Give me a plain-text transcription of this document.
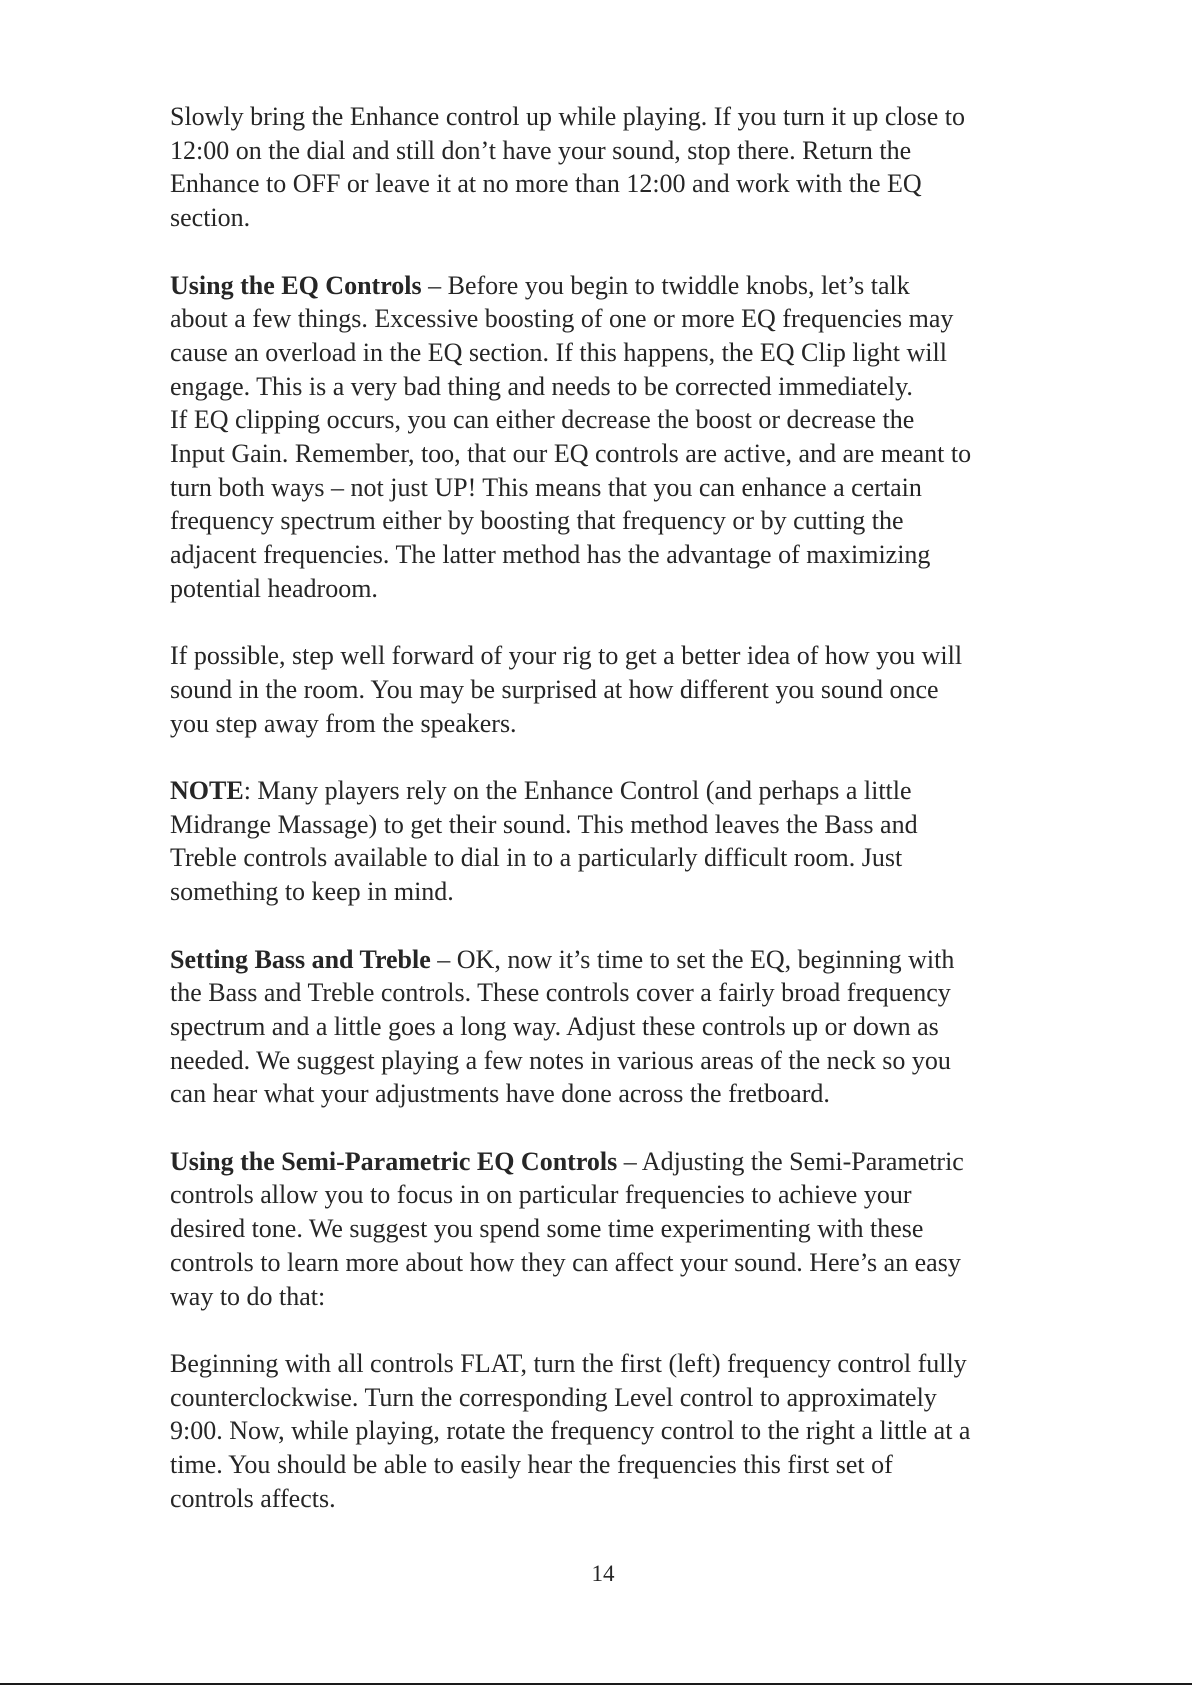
Slowly bring the Enhance control up while playing. If you turn it up close to
12:00 on the dial and still don’t have your sound, stop there. Return the
Enhance to OFF or leave it at no more than 12:00 and work with the EQ
section.

Using the EQ Controls – Before you begin to twiddle knobs, let’s talk
about a few things. Excessive boosting of one or more EQ frequencies may
cause an overload in the EQ section. If this happens, the EQ Clip light will
engage. This is a very bad thing and needs to be corrected immediately.
If EQ clipping occurs, you can either decrease the boost or decrease the
Input Gain. Remember, too, that our EQ controls are active, and are meant to
turn both ways – not just UP! This means that you can enhance a certain
frequency spectrum either by boosting that frequency or by cutting the
adjacent frequencies. The latter method has the advantage of maximizing
potential headroom.

If possible, step well forward of your rig to get a better idea of how you will
sound in the room. You may be surprised at how different you sound once
you step away from the speakers.

NOTE: Many players rely on the Enhance Control (and perhaps a little
Midrange Massage) to get their sound. This method leaves the Bass and
Treble controls available to dial in to a particularly difficult room. Just
something to keep in mind.

Setting Bass and Treble – OK, now it’s time to set the EQ, beginning with
the Bass and Treble controls. These controls cover a fairly broad frequency
spectrum and a little goes a long way. Adjust these controls up or down as
needed. We suggest playing a few notes in various areas of the neck so you
can hear what your adjustments have done across the fretboard.

Using the Semi-Parametric EQ Controls – Adjusting the Semi-Parametric
controls allow you to focus in on particular frequencies to achieve your
desired tone. We suggest you spend some time experimenting with these
controls to learn more about how they can affect your sound. Here’s an easy
way to do that:

Beginning with all controls FLAT, turn the first (left) frequency control fully
counterclockwise. Turn the corresponding Level control to approximately
9:00. Now, while playing, rotate the frequency control to the right a little at a
time. You should be able to easily hear the frequencies this first set of
controls affects.

14
